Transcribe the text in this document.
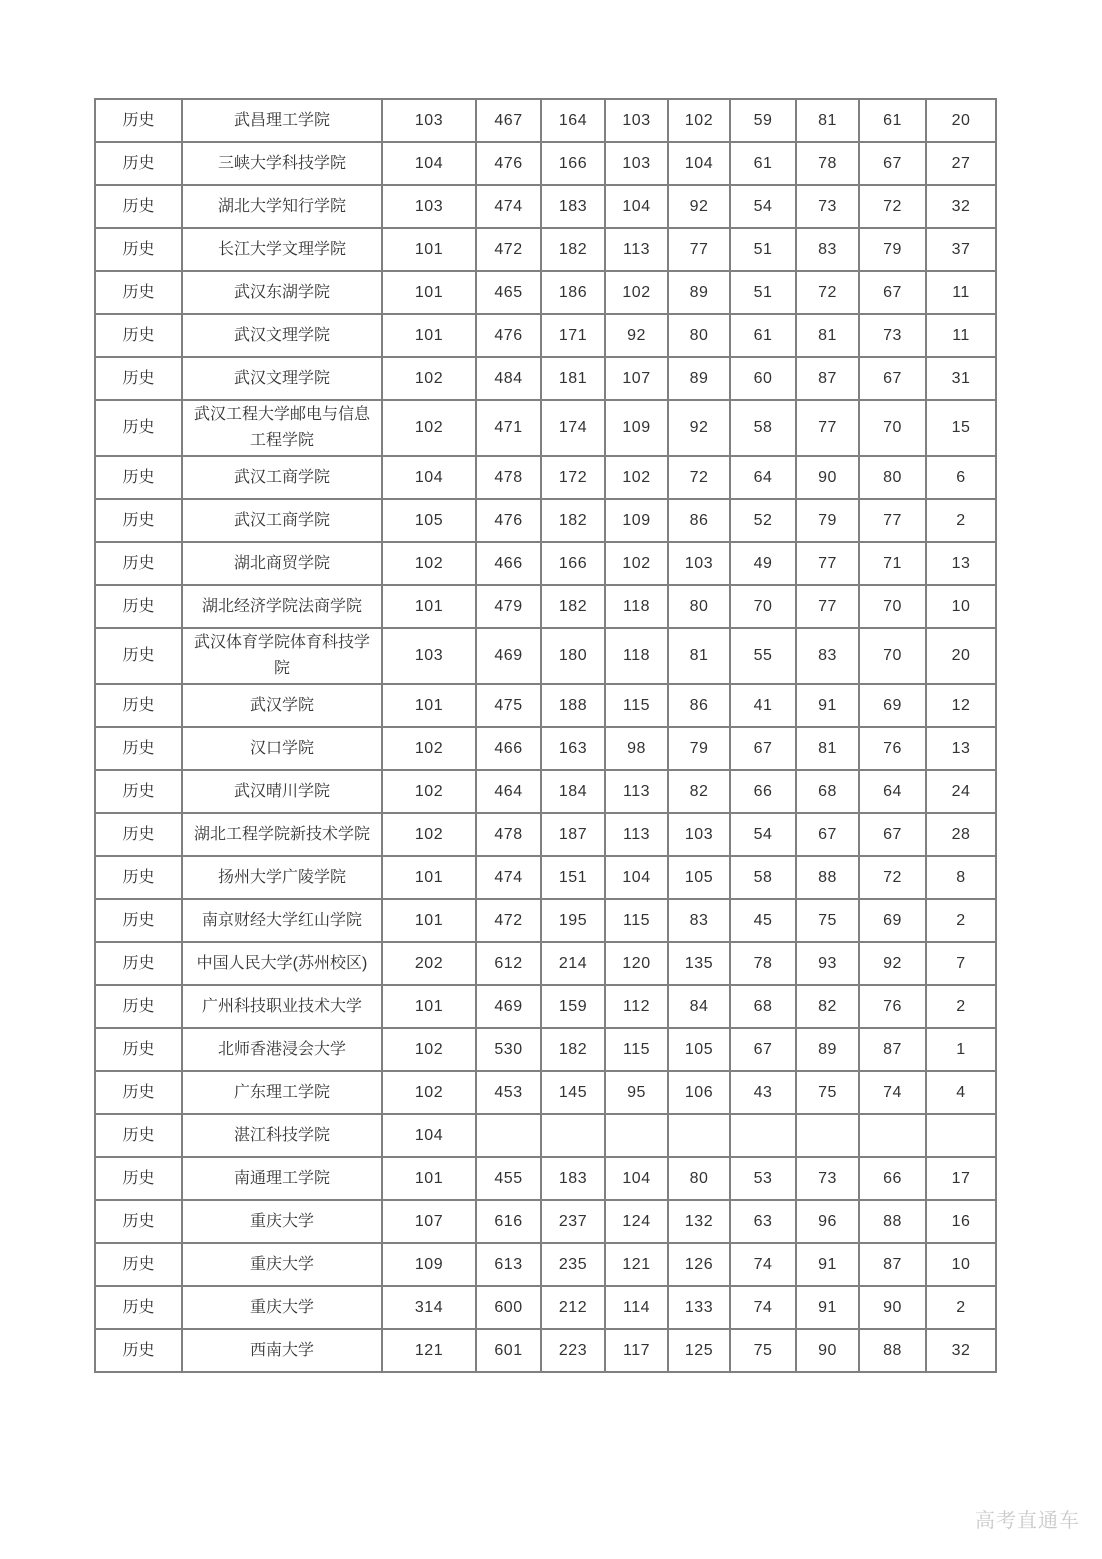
历史	武昌理工学院	103	467	164	103	102	59	81	61	20
历史	三峡大学科技学院	104	476	166	103	104	61	78	67	27
历史	湖北大学知行学院	103	474	183	104	92	54	73	72	32
历史	长江大学文理学院	101	472	182	113	77	51	83	79	37
历史	武汉东湖学院	101	465	186	102	89	51	72	67	11
历史	武汉文理学院	101	476	171	92	80	61	81	73	11
历史	武汉文理学院	102	484	181	107	89	60	87	67	31
历史	武汉工程大学邮电与信息工程学院	102	471	174	109	92	58	77	70	15
历史	武汉工商学院	104	478	172	102	72	64	90	80	6
历史	武汉工商学院	105	476	182	109	86	52	79	77	2
历史	湖北商贸学院	102	466	166	102	103	49	77	71	13
历史	湖北经济学院法商学院	101	479	182	118	80	70	77	70	10
历史	武汉体育学院体育科技学院	103	469	180	118	81	55	83	70	20
历史	武汉学院	101	475	188	115	86	41	91	69	12
历史	汉口学院	102	466	163	98	79	67	81	76	13
历史	武汉晴川学院	102	464	184	113	82	66	68	64	24
历史	湖北工程学院新技术学院	102	478	187	113	103	54	67	67	28
历史	扬州大学广陵学院	101	474	151	104	105	58	88	72	8
历史	南京财经大学红山学院	101	472	195	115	83	45	75	69	2
历史	中国人民大学(苏州校区)	202	612	214	120	135	78	93	92	7
历史	广州科技职业技术大学	101	469	159	112	84	68	82	76	2
历史	北师香港浸会大学	102	530	182	115	105	67	89	87	1
历史	广东理工学院	102	453	145	95	106	43	75	74	4
历史	湛江科技学院	104								
历史	南通理工学院	101	455	183	104	80	53	73	66	17
历史	重庆大学	107	616	237	124	132	63	96	88	16
历史	重庆大学	109	613	235	121	126	74	91	87	10
历史	重庆大学	314	600	212	114	133	74	91	90	2
历史	西南大学	121	601	223	117	125	75	90	88	32
高考直通车
